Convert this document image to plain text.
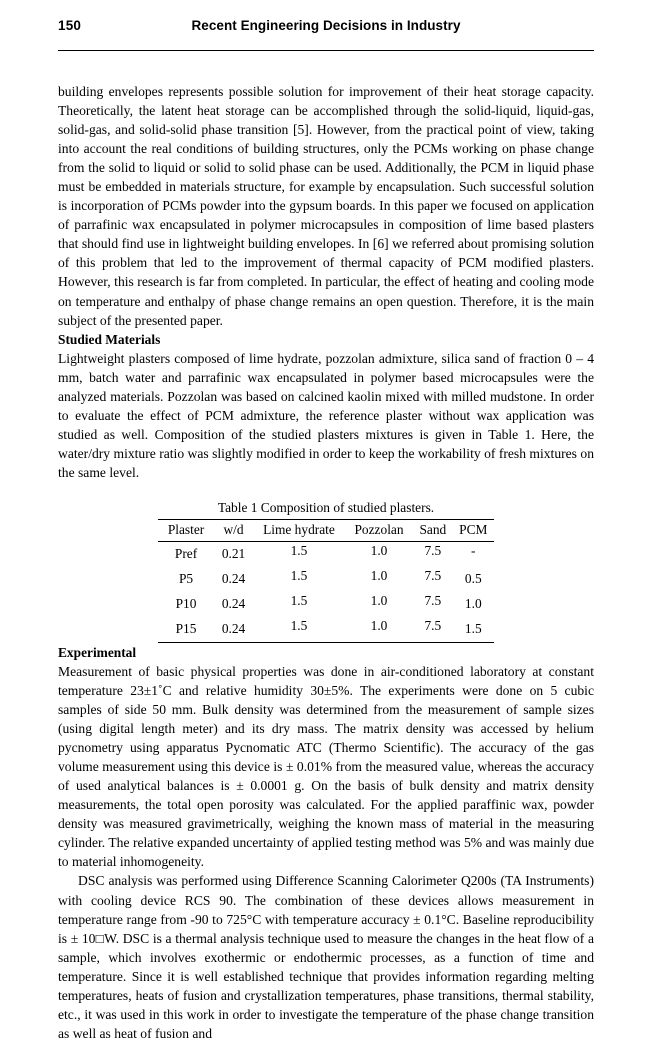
150	Recent Engineering Decisions in Industry

building envelopes represents possible solution for improvement of their heat storage capacity. Theoretically, the latent heat storage can be accomplished through the solid-liquid, liquid-gas, solid-gas, and solid-solid phase transition [5]. However, from the practical point of view, taking into account the real conditions of building structures, only the PCMs working on phase change from the solid to liquid or solid to solid phase can be used. Additionally, the PCM in liquid phase must be embedded in materials structure, for example by encapsulation. Such successful solution is incorporation of PCMs powder into the gypsum boards. In this paper we focused on application of parrafinic wax encapsulated in polymer microcapsules in composition of lime based plasters that should find use in lightweight building envelopes. In [6] we referred about promising solution of this problem that led to the improvement of thermal capacity of PCM modified plasters. However, this research is far from completed. In particular, the effect of heating and cooling mode on temperature and enthalpy of phase change remains an open question. Therefore, it is the main subject of the presented paper.

Studied Materials

Lightweight plasters composed of lime hydrate, pozzolan admixture, silica sand of fraction 0 – 4 mm, batch water and parrafinic wax encapsulated in polymer based microcapsules were the analyzed materials. Pozzolan was based on calcined kaolin mixed with milled mudstone. In order to evaluate the effect of PCM admixture, the reference plaster without wax application was studied as well. Composition of the studied plasters mixtures is given in Table 1. Here, the water/dry mixture ratio was slightly modified in order to keep the workability of fresh mixtures on the same level.

Table 1 Composition of studied plasters.
Plaster	w/d	Lime hydrate	Pozzolan	Sand	PCM
Pref	0.21	1.5	1.0	7.5	-
P5	0.24	1.5	1.0	7.5	0.5
P10	0.24	1.5	1.0	7.5	1.0
P15	0.24	1.5	1.0	7.5	1.5
Experimental

Measurement of basic physical properties was done in air-conditioned laboratory at constant temperature 23±1˚C and relative humidity 30±5%. The experiments were done on 5 cubic samples of side 50 mm. Bulk density was determined from the measurement of sample sizes (using digital length meter) and its dry mass. The matrix density was accessed by helium pycnometry using apparatus Pycnomatic ATC (Thermo Scientific). The accuracy of the gas volume measurement using this device is ± 0.01% from the measured value, whereas the accuracy of used analytical balances is ± 0.0001 g. On the basis of bulk density and matrix density measurements, the total open porosity was calculated. For the applied paraffinic wax, powder density was measured gravimetrically, weighing the known mass of material in the measuring cylinder. The relative expanded uncertainty of applied testing method was 5% and was mainly due to material inhomogeneity.

DSC analysis was performed using Difference Scanning Calorimeter Q200s (TA Instruments) with cooling device RCS 90. The combination of these devices allows measurement in temperature range from -90 to 725°C with temperature accuracy ± 0.1°C. Baseline reproducibility is ± 10□W. DSC is a thermal analysis technique used to measure the changes in the heat flow of a sample, which involves exothermic or endothermic processes, as a function of time and temperature. Since it is well established technique that provides information regarding melting temperatures, heats of fusion and crystallization temperatures, phase transitions, thermal stability, etc., it was used in this work in order to investigate the temperature of the phase change transition as well as heat of fusion and
